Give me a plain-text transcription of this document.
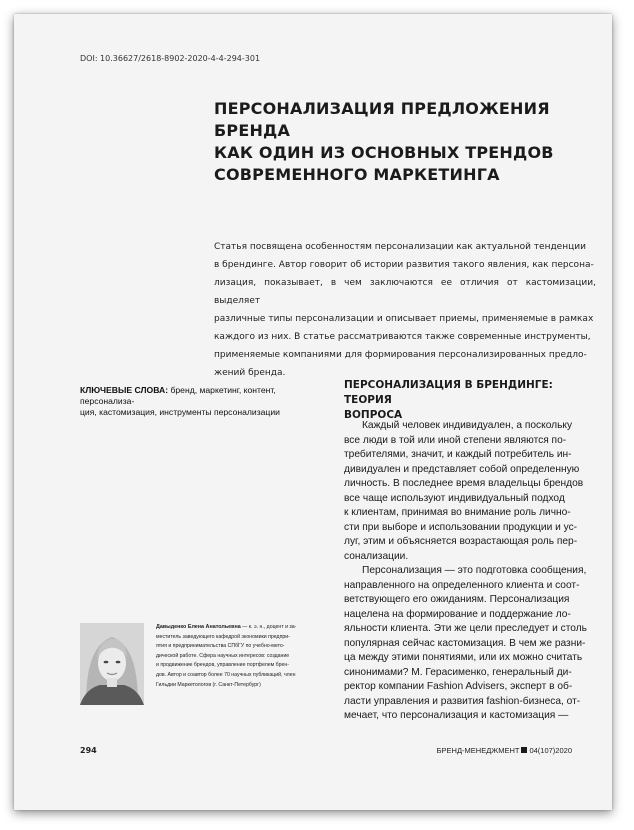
DOI: 10.36627/2618-8902-2020-4-4-294-301
ПЕРСОНАЛИЗАЦИЯ ПРЕДЛОЖЕНИЯ БРЕНДА
КАК ОДИН ИЗ ОСНОВНЫХ ТРЕНДОВ
СОВРЕМЕННОГО МАРКЕТИНГА

Статья посвящена особенностям персонализации как актуальной тенденции
в брендинге. Автор говорит об истории развития такого явления, как персона-
лизация, показывает, в чем заключаются ее отличия от кастомизации, выделяет
различные типы персонализации и описывает приемы, применяемые в рамках
каждого из них. В статье рассматриваются также современные инструменты,
применяемые компаниями для формирования персонализированных предло-
жений бренда.

КЛЮЧЕВЫЕ СЛОВА: бренд, маркетинг, контент, персонализа-
ция, кастомизация, инструменты персонализации

ПЕРСОНАЛИЗАЦИЯ В БРЕНДИНГЕ: ТЕОРИЯ
ВОПРОСА

Каждый человек индивидуален, а поскольку
все люди в той или иной степени являются по-
требителями, значит, и каждый потребитель ин-
дивидуален и представляет собой определенную
личность. В последнее время владельцы брендов
все чаще используют индивидуальный подход
к клиентам, принимая во внимание роль лично-
сти при выборе и использовании продукции и ус-
луг, этим и объясняется возрастающая роль пер-
сонализации.

Персонализация — это подготовка сообщения,
направленного на определенного клиента и соот-
ветствующего его ожиданиям. Персонализация
нацелена на формирование и поддержание ло-
яльности клиента. Эти же цели преследует и столь
популярная сейчас кастомизация. В чем же разни-
ца между этими понятиями, или их можно считать
синонимами? М. Герасименко, генеральный ди-
ректор компании Fashion Advisers, эксперт в об-
ласти управления и развития fashion-бизнеса, от-
мечает, что персонализация и кастомизация —

Давыденко Елена Анатольевна — к. э. н., доцент и за-
меститель заведующего кафедрой экономики предпри-
ятия и предпринимательства СПбГУ по учебно-мето-
дической работе. Сфера научных интересов: создание
и продвижение брендов, управление портфелем брен-
дов. Автор и соавтор более 70 научных публикаций, член
Гильдии Маркетологов (г. Санкт-Петербург)

294	БРЕНД-МЕНЕДЖМЕНТ 04(107)2020
